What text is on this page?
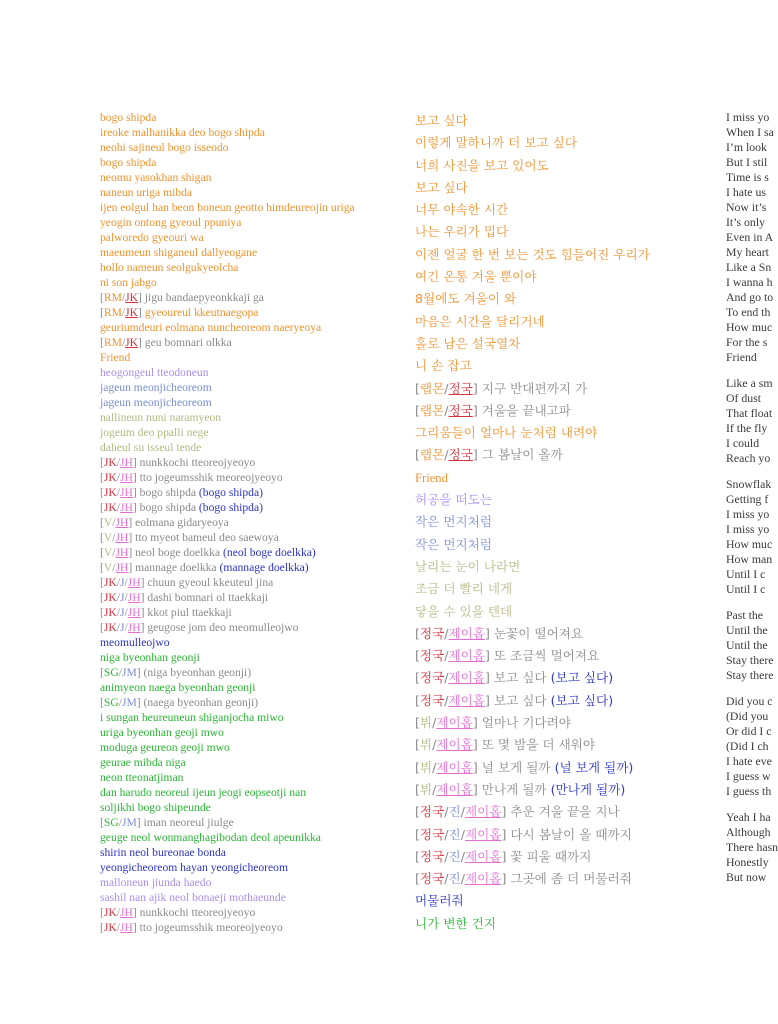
bogo shipda
ireoke malhanikka deo bogo shipda
neohi sajineul bogo isseodo
bogo shipda
neomu yasokhan shigan
naneun uriga mibda
ijen eolgul han beon boneun geotto himdeureojin uriga
yeogin ontong gyeoul ppuniya
palworedo gyeouri wa
maeumeun shiganeul dallyeogane
hollo nameun seolgukyeolcha
ni son jabgo
[RM/JK] jigu bandaepyeonkkaji ga
[RM/JK] gyeoureul kkeutnaegopa
geuriumdeuri eolmana nuncheoreom naeryeoya
[RM/JK] geu bomnari olkka
Friend
heogongeul tteodoneun
jageun meonjicheoreom
jageun meonjicheoreom
nallineun nuni naramyeon
jogeum deo ppalli nege
daheul su isseul tende
[JK/JH] nunkkochi tteoreojyeoyo
[JK/JH] tto jogeumsshik meoreojyeoyo
[JK/JH] bogo shipda (bogo shipda)
[JK/JH] bogo shipda (bogo shipda)
[V/JH] eolmana gidaryeoya
[V/JH] tto myeot bameul deo saewoya
[V/JH] neol boge doelkka (neol boge doelkka)
[V/JH] mannage doelkka (mannage doelkka)
[JK/J/JH] chuun gyeoul kkeuteul jina
[JK/J/JH] dashi bomnari ol ttaekkaji
[JK/J/JH] kkot piul ttaekkaji
[JK/J/JH] geugose jom deo meomulleojwo
meomulleojwo
niga byeonhan geonji
[SG/JM] (niga byeonhan geonji)
animyeon naega byeonhan geonji
[SG/JM] (naega byeonhan geonji)
i sungan heureuneun shiganjocha miwo
uriga byeonhan geoji mwo
moduga geureon geoji mwo
geurae mibda niga
neon tteonatjiman
dan harudo neoreul ijeun jeogi eopseotji nan
soljikhi bogo shipeunde
[SG/JM] iman neoreul jiulge
geuge neol wonmanghagibodan deol apeunikka
shirin neol bureonae bonda
yeongicheoreom hayan yeongicheoreom
malloneun jiunda haedo
sashil nan ajik neol bonaeji mothaeunde
[JK/JH] nunkkochi tteoreojyeoyo
[JK/JH] tto jogeumsshik meoreojyeoyo
보고 싶다
이렇게 말하니까 더 보고 싶다
너희 사진을 보고 있어도
보고 싶다
너무 야속한 시간
나는 우리가 밉다
이젠 얼굴 한 번 보는 것도 힘들어진 우리가
여긴 온통 겨울 뿐이야
8월에도 겨울이 와
마음은 시간을 달리거네
홀로 남은 설국열차
니 손 잡고
[랩몬/정국] 지구 반대편까지 가
[랩몬/정국] 겨울을 끝내고파
그리움들이 얼마나 눈처럼 내려야
[랩몬/정국] 그 봄날이 올까
Friend
허공을 떠도는
작은 먼지처럼
작은 먼지처럼
날리는 눈이 나라면
조금 더 빨리 네게
닿을 수 있을 텐데
[정국/제이홉] 눈꽃이 떨어져요
[정국/제이홉] 또 조금씩 멀어져요
[정국/제이홉] 보고 싶다 (보고 싶다)
[정국/제이홉] 보고 싶다 (보고 싶다)
[뷔/제이홉] 얼마나 기다려야
[뷔/제이홉] 또 몇 밤을 더 새워야
[뷔/제이홉] 널 보게 될까 (널 보게 될까)
[뷔/제이홉] 만나게 될까 (만나게 될까)
[정국/진/제이홉] 추운 겨울 끝을 지나
[정국/진/제이홉] 다시 봄날이 올 때까지
[정국/진/제이홉] 꽃 피울 때까지
[정국/진/제이홉] 그곳에 좀 더 머물러줘
머물러줘
니가 변한 건지
I miss yo
When I sa
I’m look
But I stil
Time is s
I hate us
Now it’s
It’s only
Even in A
My heart
Like a Sn
I wanna h
And go to
To end th
How muc
For the s
Friend
Like a sm
Of dust
That float
If the fly
I could
Reach yo
Snowflak
Getting f
I miss yo
I miss yo
How muc
How man
Until I c
Until I c
Past the
Until the
Until the
Stay there
Stay there
Did you c
(Did you
Or did I c
(Did I ch
I hate eve
I guess w
I guess th
Yeah I ha
Although
There hasn
Honestly
But now
